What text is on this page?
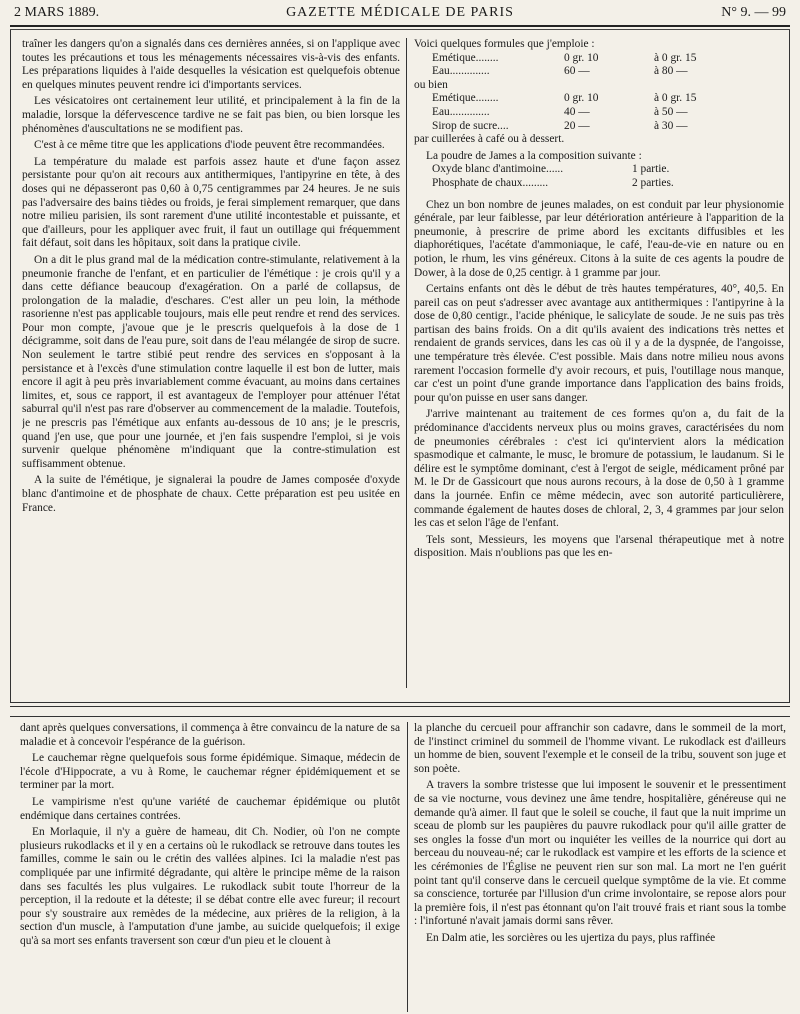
2 MARS 1889.	GAZETTE MÉDICALE DE PARIS	N° 9. — 99

traîner les dangers qu'on a signalés dans ces dernières années, si on l'applique avec toutes les précautions et tous les ménagements nécessaires vis-à-vis des enfants. Les préparations liquides à l'aide desquelles la vésication est quelquefois obtenue en quelques minutes peuvent rendre ici d'importants services.

Les vésicatoires ont certainement leur utilité, et principalement à la fin de la maladie, lorsque la défervescence tardive ne se fait pas bien, ou bien lorsque les phénomènes d'auscultations ne se modifient pas.

C'est à ce même titre que les applications d'iode peuvent être recommandées.

La température du malade est parfois assez haute et d'une façon assez persistante pour qu'on ait recours aux antithermiques, l'antipyrine en tête, à des doses qui ne dépasseront pas 0,60 à 0,75 centigrammes par 24 heures. Je ne suis pas l'adversaire des bains tièdes ou froids, je ferai simplement remarquer, que dans notre milieu parisien, ils sont rarement d'une utilité incontestable et puissante, et que d'ailleurs, pour les appliquer avec fruit, il faut un outillage qui fréquemment fait défaut, soit dans les hôpitaux, soit dans la pratique civile.

On a dit le plus grand mal de la médication contre-stimulante, relativement à la pneumonie franche de l'enfant, et en particulier de l'émétique : je crois qu'il y a dans cette défiance beaucoup d'exagération. On a parlé de collapsus, de prolongation de la maladie, d'eschares. C'est aller un peu loin, la méthode rasorienne n'est pas applicable toujours, mais elle peut rendre et rend des services. Pour mon compte, j'avoue que je le prescris quelquefois à la dose de 1 décigramme, soit dans de l'eau pure, soit dans de l'eau mélangée de sirop de sucre. Non seulement le tartre stibié peut rendre des services en s'opposant à la persistance et à l'excès d'une stimulation contre laquelle il est bon de lutter, mais encore il agit à peu près invariablement comme évacuant, au moins dans certaines limites, et, sous ce rapport, il est avantageux de l'employer pour atténuer l'état saburral qu'il n'est pas rare d'observer au commencement de la maladie. Toutefois, je ne prescris pas l'émétique aux enfants au-dessous de 10 ans; je le prescris, quand j'en use, que pour une journée, et j'en fais suspendre l'emploi, si je vois survenir quelque phénomène m'indiquant que la contre-stimulation est suffisamment obtenue.

A la suite de l'émétique, je signalerai la poudre de James composée d'oxyde blanc d'antimoine et de phosphate de chaux. Cette préparation est peu usitée en France.

Voici quelques formules que j'emploie :

Emétique........	0 gr. 10	à 0 gr. 15
Eau..............	60 —	à 80 —

ou bien

Emétique........	0 gr. 10	à 0 gr. 15
Eau..............	40 —	à 50 —
Sirop de sucre....	20 —	à 30 —

par cuillerées à café ou à dessert.

La poudre de James a la composition suivante :

Oxyde blanc d'antimoine......	1 partie.
Phosphate de chaux.........	2 parties.

Chez un bon nombre de jeunes malades, on est conduit par leur physionomie générale, par leur faiblesse, par leur détérioration antérieure à l'apparition de la pneumonie, à prescrire de prime abord les excitants diffusibles et les diaphorétiques, l'acétate d'ammoniaque, le café, l'eau-de-vie en nature ou en potion, le rhum, les vins généreux. Citons à la suite de ces agents la poudre de Dower, à la dose de 0,25 centigr. à 1 gramme par jour.

Certains enfants ont dès le début de très hautes températures, 40°, 40,5. En pareil cas on peut s'adresser avec avantage aux antithermiques : l'antipyrine à la dose de 0,80 centigr., l'acide phénique, le salicylate de soude. Je ne suis pas très partisan des bains froids. On a dit qu'ils avaient des indications très nettes et rendaient de grands services, dans les cas où il y a de la dyspnée, de l'angoisse, une température très élevée. C'est possible. Mais dans notre milieu nous avons rarement l'occasion formelle d'y avoir recours, et puis, l'outillage nous manque, car c'est un point d'une grande importance dans l'application des bains froids, pour qu'on puisse en user sans danger.

J'arrive maintenant au traitement de ces formes qu'on a, du fait de la prédominance d'accidents nerveux plus ou moins graves, caractérisées du nom de pneumonies cérébrales : c'est ici qu'intervient alors la médication spasmodique et calmante, le musc, le bromure de potassium, le laudanum. Si le délire est le symptôme dominant, c'est à l'ergot de seigle, médicament prôné par M. le Dr de Gassicourt que nous aurons recours, à la dose de 0,50 à 1 gramme dans la journée. Enfin ce même médecin, avec son autorité particulièrere, commande également de hautes doses de chloral, 2, 3, 4 grammes par jour selon les cas et selon l'âge de l'enfant.

Tels sont, Messieurs, les moyens que l'arsenal thérapeutique met à notre disposition. Mais n'oublions pas que les en-

dant après quelques conversations, il commença à être convaincu de la nature de sa maladie et à concevoir l'espérance de la guérison.

Le cauchemar règne quelquefois sous forme épidémique. Simaque, médecin de l'école d'Hippocrate, a vu à Rome, le cauchemar régner épidémiquement et se terminer par la mort.

Le vampirisme n'est qu'une variété de cauchemar épidémique ou plutôt endémique dans certaines contrées.

En Morlaquie, il n'y a guère de hameau, dit Ch. Nodier, où l'on ne compte plusieurs rukodlacks et il y en a certains où le rukodlack se retrouve dans toutes les familles, comme le sain ou le crétin des vallées alpines. Ici la maladie n'est pas compliquée par une infirmité dégradante, qui altère le principe même de la raison dans ses facultés les plus vulgaires. Le rukodlack subit toute l'horreur de la perception, il la redoute et la déteste; il se débat contre elle avec fureur; il recourt pour s'y soustraire aux remèdes de la médecine, aux prières de la religion, à la section d'un muscle, à l'amputation d'une jambe, au suicide quelquefois; il exige qu'à sa mort ses enfants traversent son cœur d'un pieu et le clouent à

la planche du cercueil pour affranchir son cadavre, dans le sommeil de la mort, de l'instinct criminel du sommeil de l'homme vivant. Le rukodlack est d'ailleurs un homme de bien, souvent l'exemple et le conseil de la tribu, souvent son juge et son poète.

A travers la sombre tristesse que lui imposent le souvenir et le pressentiment de sa vie nocturne, vous devinez une âme tendre, hospitalière, généreuse qui ne demande qu'à aimer. Il faut que le soleil se couche, il faut que la nuit imprime un sceau de plomb sur les paupières du pauvre rukodlack pour qu'il aille gratter de ses ongles la fosse d'un mort ou inquiéter les veilles de la nourrice qui dort au berceau du nouveau-né; car le rukodlack est vampire et les efforts de la science et les cérémonies de l'Église ne peuvent rien sur son mal. La mort ne l'en guérit point tant qu'il conserve dans le cercueil quelque symptôme de la vie. Et comme sa conscience, torturée par l'illusion d'un crime involontaire, se repose alors pour la première fois, il n'est pas étonnant qu'on l'ait trouvé frais et riant sous la tombe : l'infortuné n'avait jamais dormi sans rêver.

En Dalm atie, les sorcières ou les ujertiza du pays, plus raffinée
